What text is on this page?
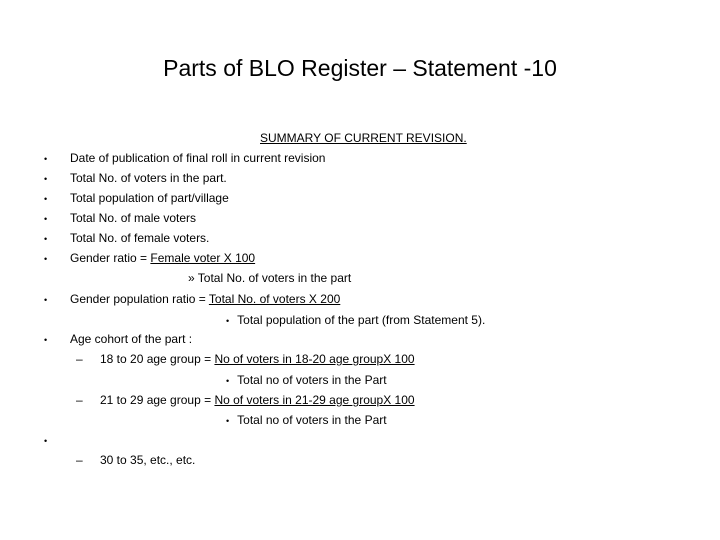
Parts of BLO Register – Statement -10
SUMMARY OF CURRENT REVISION.
•
•
•
•
•
•
•
•
•
Date of publication of final roll in current revision
Total No. of voters in the part.
Total population of part/village
Total No. of male voters
Total No. of female voters.
Gender ratio = Female voter X 100
» Total No. of voters in the part
Gender population ratio = Total No. of voters X 200
• Total population of the part (from Statement 5).
Age cohort of the part :
– 18 to 20 age group = No of voters in 18-20 age groupX 100
• Total no of voters in the Part
– 21 to 29 age group = No of voters in 21-29 age groupX 100
• Total no of voters in the Part
– 30 to 35, etc., etc.
